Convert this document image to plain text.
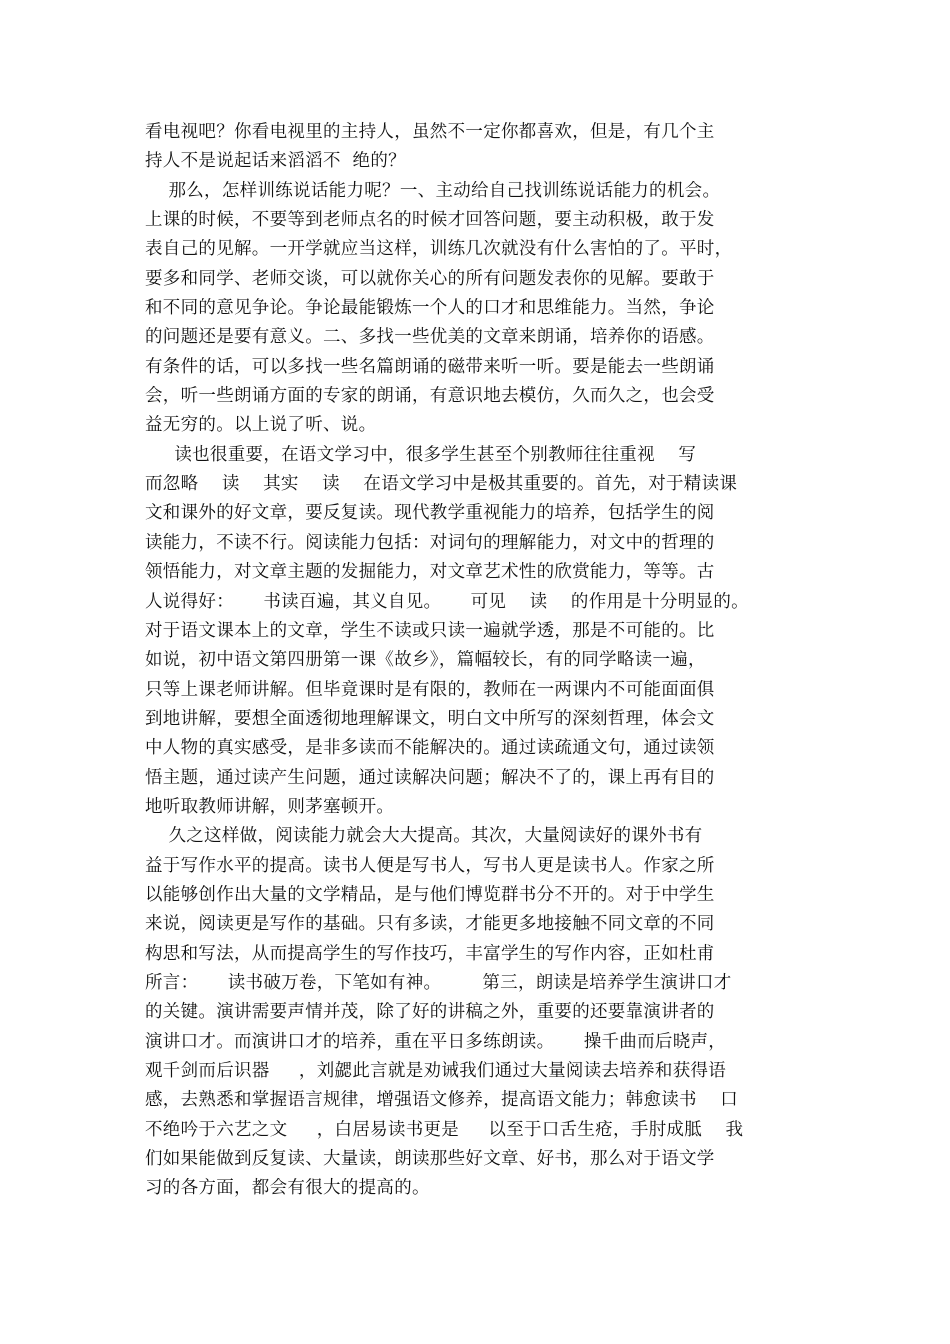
看电视吧？你看电视里的主持人，虽然不一定你都喜欢，但是，有几个主
持人不是说起话来滔滔不  绝的？
那么，怎样训练说话能力呢？一、主动给自己找训练说话能力的机会。
上课的时候，不要等到老师点名的时候才回答问题，要主动积极，敢于发
表自己的见解。一开学就应当这样，训练几次就没有什么害怕的了。平时，
要多和同学、老师交谈，可以就你关心的所有问题发表你的见解。要敢于
和不同的意见争论。争论最能锻炼一个人的口才和思维能力。当然，争论
的问题还是要有意义。二、多找一些优美的文章来朗诵，培养你的语感。
有条件的话，可以多找一些名篇朗诵的磁带来听一听。要是能去一些朗诵
会，听一些朗诵方面的专家的朗诵，有意识地去模仿，久而久之，也会受
益无穷的。以上说了听、说。
读也很重要，在语文学习中，很多学生甚至个别教师往往重视    写
而忽略    读    其实    读    在语文学习中是极其重要的。首先，对于精读课
文和课外的好文章，要反复读。现代教学重视能力的培养，包括学生的阅
读能力，不读不行。阅读能力包括：对词句的理解能力，对文中的哲理的
领悟能力，对文章主题的发掘能力，对文章艺术性的欣赏能力，等等。古
人说得好：     书读百遍，其义自见。     可见    读    的作用是十分明显的。
对于语文课本上的文章，学生不读或只读一遍就学透，那是不可能的。比
如说，初中语文第四册第一课《故乡》，篇幅较长，有的同学略读一遍，
只等上课老师讲解。但毕竟课时是有限的，教师在一两课内不可能面面俱
到地讲解，要想全面透彻地理解课文，明白文中所写的深刻哲理，体会文
中人物的真实感受，是非多读而不能解决的。通过读疏通文句，通过读领
悟主题，通过读产生问题，通过读解决问题；解决不了的，课上再有目的
地听取教师讲解，则茅塞顿开。
久之这样做，阅读能力就会大大提高。其次，大量阅读好的课外书有
益于写作水平的提高。读书人便是写书人，写书人更是读书人。作家之所
以能够创作出大量的文学精品，是与他们博览群书分不开的。对于中学生
来说，阅读更是写作的基础。只有多读，才能更多地接触不同文章的不同
构思和写法，从而提高学生的写作技巧，丰富学生的写作内容，正如杜甫
所言：     读书破万卷，下笔如有神。       第三，朗读是培养学生演讲口才
的关键。演讲需要声情并茂，除了好的讲稿之外，重要的还要靠演讲者的
演讲口才。而演讲口才的培养，重在平日多练朗读。     操千曲而后晓声，
观千剑而后识器     ，刘勰此言就是劝诫我们通过大量阅读去培养和获得语
感，去熟悉和掌握语言规律，增强语文修养，提高语文能力；韩愈读书    口
不绝吟于六艺之文     ，白居易读书更是     以至于口舌生疮，手肘成胝    我
们如果能做到反复读、大量读，朗读那些好文章、好书，那么对于语文学
习的各方面，都会有很大的提高的。
